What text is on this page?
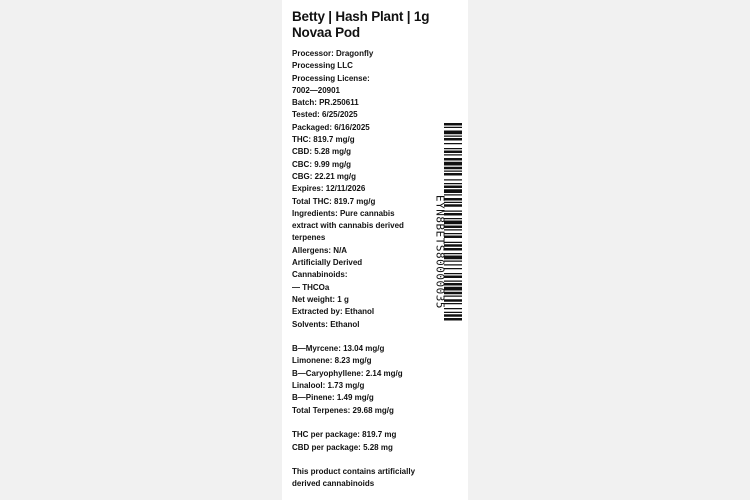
Betty | Hash Plant | 1g
Novaa Pod
Processor: Dragonfly
Processing LLC
Processing License:
7002—20901
Batch: PR.250611
Tested: 6/25/2025
Packaged: 6/16/2025
THC: 819.7 mg/g
CBD: 5.28 mg/g
CBC: 9.99 mg/g
CBG: 22.21 mg/g
Expires: 12/11/2026
Total THC: 819.7 mg/g
Ingredients: Pure cannabis
extract with cannabis derived
terpenes
Allergens: N/A
Artificially Derived
Cannabinoids:
— THCOa
Net weight: 1 g
Extracted by: Ethanol
Solvents: Ethanol
B—Myrcene: 13.04 mg/g
Limonene: 8.23 mg/g
B—Caryophyllene: 2.14 mg/g
Linalool: 1.73 mg/g
B—Pinene: 1.49 mg/g
Total Terpenes: 29.68 mg/g
THC per package: 819.7 mg
CBD per package: 5.28 mg
This product contains artificially
derived cannabinoids
EYN8BETS80000035
